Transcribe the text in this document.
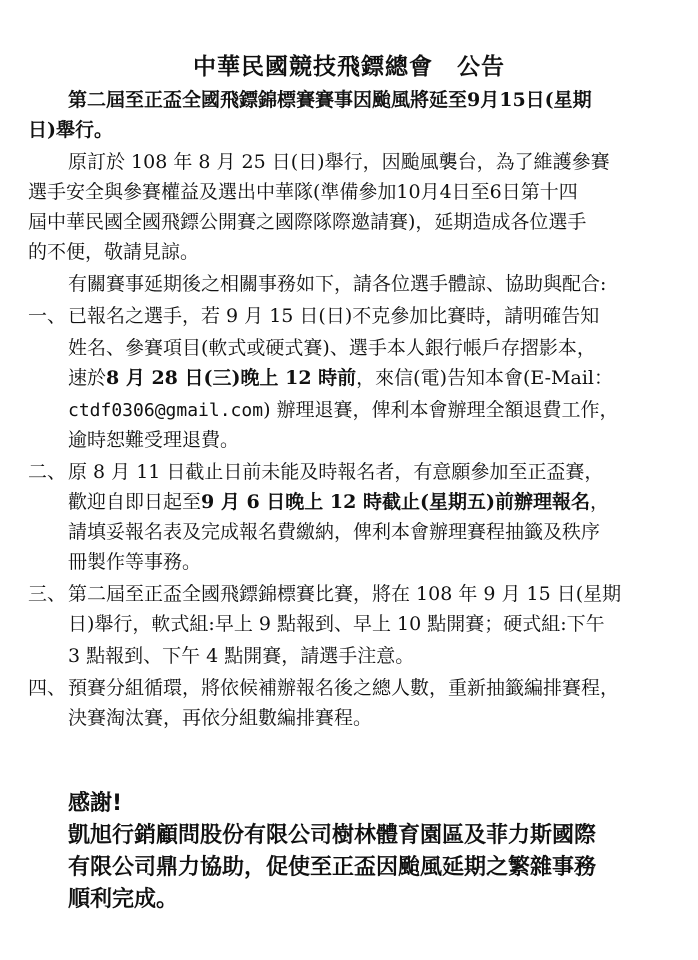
中華民國競技飛鏢總會　公告
第二屆至正盃全國飛鏢錦標賽賽事因颱風將延至9月15日(星期
日)舉行。
原訂於 108 年 8 月 25 日(日)舉行，因颱風襲台，為了維護參賽
選手安全與參賽權益及選出中華隊(準備參加10月4日至6日第十四
屆中華民國全國飛鏢公開賽之國際隊際邀請賽)，延期造成各位選手
的不便，敬請見諒。
有關賽事延期後之相關事務如下，請各位選手體諒、協助與配合:
一、 已報名之選手，若 9 月 15 日(日)不克參加比賽時，請明確告知
姓名、參賽項目(軟式或硬式賽)、選手本人銀行帳戶存摺影本，
速於8 月 28 日(三)晚上 12 時前，來信(電)告知本會(E-Mail：
ctdf0306@gmail.com) 辦理退賽，俾利本會辦理全額退費工作，
逾時恕難受理退費。
二、 原 8 月 11 日截止日前未能及時報名者，有意願參加至正盃賽，
歡迎自即日起至9 月 6 日晚上 12 時截止(星期五)前辦理報名，
請填妥報名表及完成報名費繳納，俾利本會辦理賽程抽籤及秩序
冊製作等事務。
三、 第二屆至正盃全國飛鏢錦標賽比賽，將在 108 年 9 月 15 日(星期
日)舉行，軟式組:早上 9 點報到、早上 10 點開賽；硬式組:下午
3 點報到、下午 4 點開賽，請選手注意。
四、 預賽分組循環，將依候補辦報名後之總人數，重新抽籤編排賽程，
決賽淘汰賽，再依分組數編排賽程。
感謝!
凱旭行銷顧問股份有限公司樹林體育園區及菲力斯國際
有限公司鼎力協助，促使至正盃因颱風延期之繁雜事務
順利完成。
